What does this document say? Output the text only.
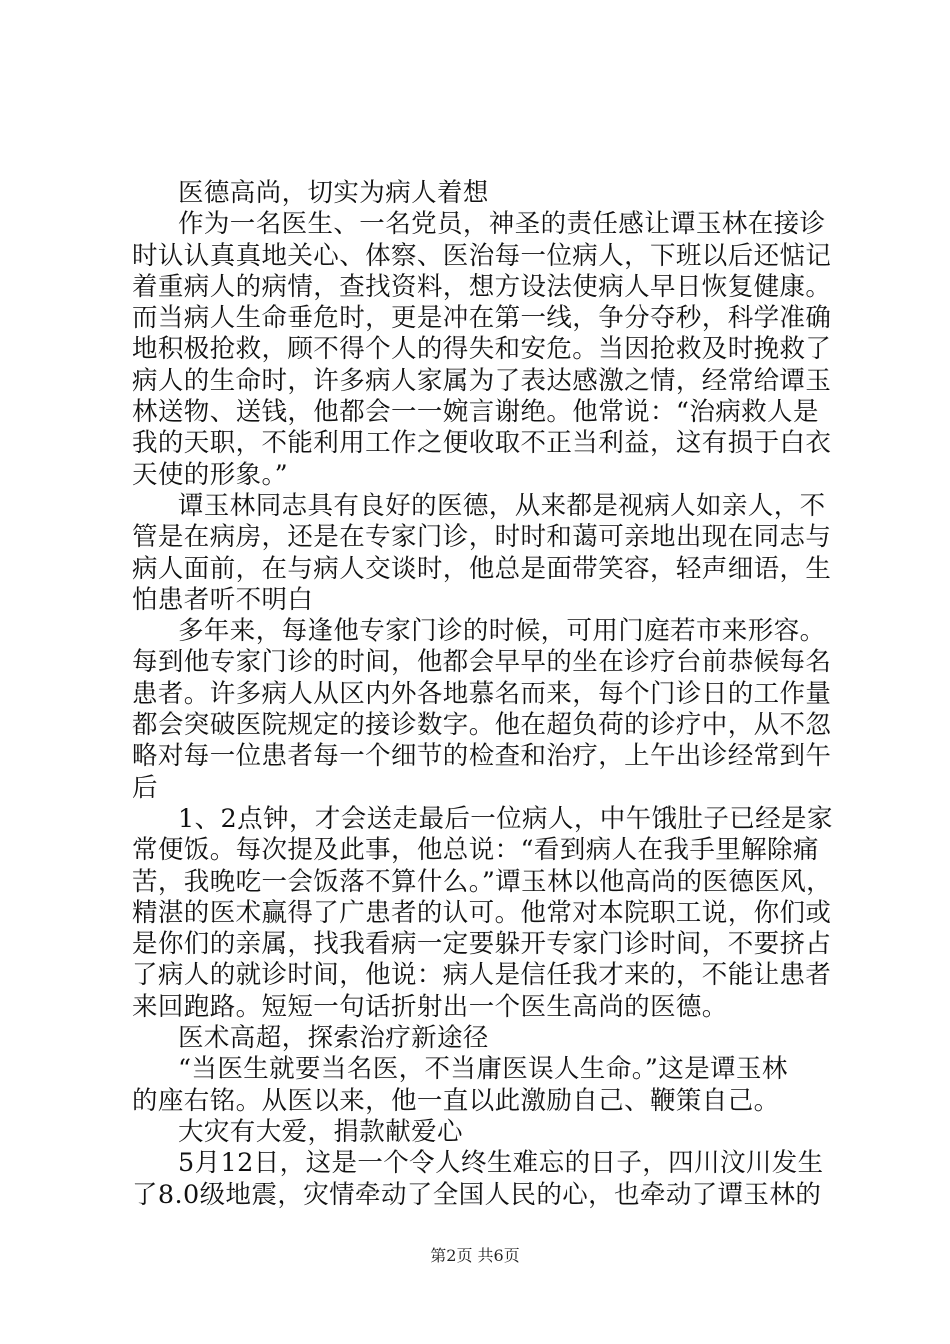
医德高尚，切实为病人着想
作为一名医生、一名党员，神圣的责任感让谭玉林在接诊
时认认真真地关心、体察、医治每一位病人，下班以后还惦记
着重病人的病情，查找资料，想方设法使病人早日恢复健康。
而当病人生命垂危时，更是冲在第一线，争分夺秒，科学准确
地积极抢救，顾不得个人的得失和安危。当因抢救及时挽救了
病人的生命时，许多病人家属为了表达感激之情，经常给谭玉
林送物、送钱，他都会一一婉言谢绝。他常说：“治病救人是
我的天职，不能利用工作之便收取不正当利益，这有损于白衣
天使的形象。”
谭玉林同志具有良好的医德，从来都是视病人如亲人，不
管是在病房，还是在专家门诊，时时和蔼可亲地出现在同志与
病人面前，在与病人交谈时，他总是面带笑容，轻声细语，生
怕患者听不明白
多年来，每逢他专家门诊的时候，可用门庭若市来形容。
每到他专家门诊的时间，他都会早早的坐在诊疗台前恭候每名
患者。许多病人从区内外各地慕名而来，每个门诊日的工作量
都会突破医院规定的接诊数字。他在超负荷的诊疗中，从不忽
略对每一位患者每一个细节的检查和治疗，上午出诊经常到午
后
1、2点钟，才会送走最后一位病人，中午饿肚子已经是家
常便饭。每次提及此事，他总说：“看到病人在我手里解除痛
苦，我晚吃一会饭落不算什么。”谭玉林以他高尚的医德医风，
精湛的医术赢得了广患者的认可。他常对本院职工说，你们或
是你们的亲属，找我看病一定要躲开专家门诊时间，不要挤占
了病人的就诊时间，他说：病人是信任我才来的，不能让患者
来回跑路。短短一句话折射出一个医生高尚的医德。
医术高超，探索治疗新途径
“当医生就要当名医，不当庸医误人生命。”这是谭玉林
的座右铭。从医以来，他一直以此激励自己、鞭策自己。
大灾有大爱，捐款献爱心
5月12日，这是一个令人终生难忘的日子，四川汶川发生
了8.0级地震，灾情牵动了全国人民的心，也牵动了谭玉林的
第2页 共6页
